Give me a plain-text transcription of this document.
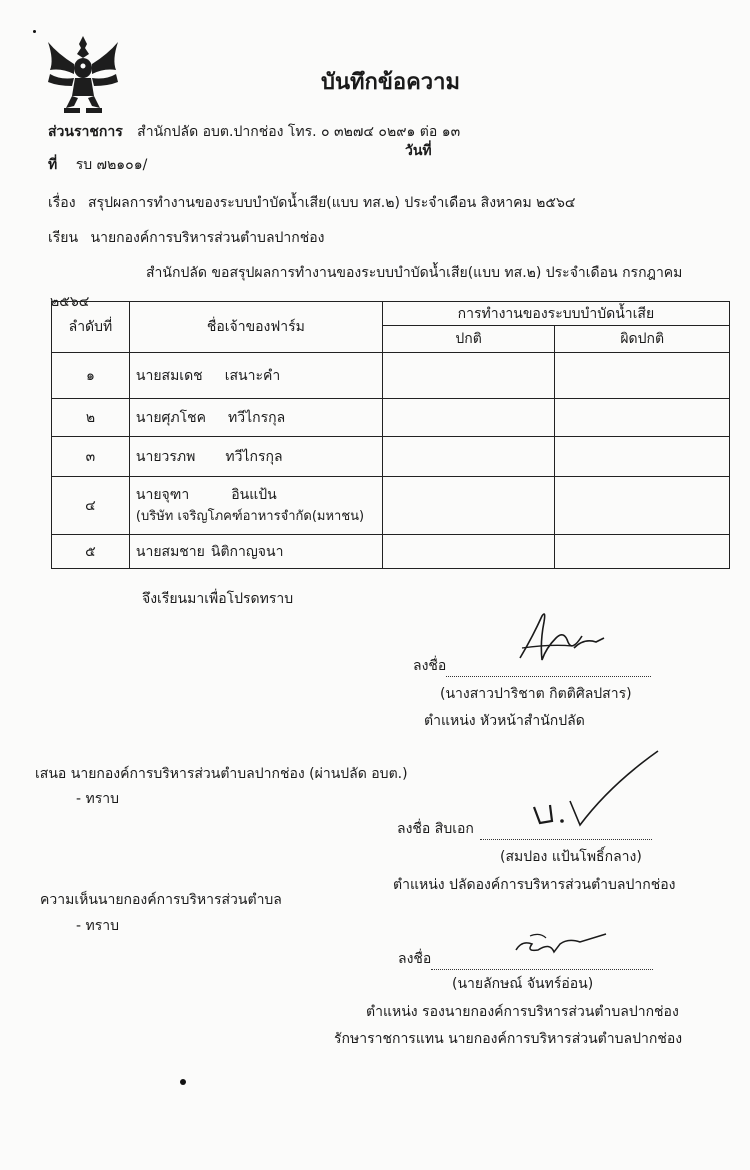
บันทึกข้อความ
ส่วนราชการ สำนักปลัด อบต.ปากช่อง โทร. ๐ ๓๒๗๔ ๐๒๙๑ ต่อ ๑๓
ที่ รบ ๗๒๑๐๑/
วันที่
เรื่อง สรุปผลการทำงานของระบบบำบัดน้ำเสีย(แบบ ทส.๒) ประจำเดือน สิงหาคม ๒๕๖๔
เรียน นายกองค์การบริหารส่วนตำบลปากช่อง
สำนักปลัด ขอสรุปผลการทำงานของระบบบำบัดน้ำเสีย(แบบ ทส.๒) ประจำเดือน กรกฎาคม
๒๕๖๔
ลำดับที่	ชื่อเจ้าของฟาร์ม	การทำงานของระบบบำบัดน้ำเสีย	
		ปกติ	ผิดปกติ
๑	นายสมเดช เสนาะคำ		
๒	นายศุภโชค ทวีไกรกุล		
๓	นายวรภพ ทวีไกรกุล		
๔	นายจุฑา อินแป้น
(บริษัท เจริญโภคฑ์อาหารจำกัด(มหาชน)		
๕	นายสมชาย นิติกาญจนา		
จึงเรียนมาเพื่อโปรดทราบ
ลงชื่อ
(นางสาวปาริชาต กิตติศิลปสาร)
ตำแหน่ง หัวหน้าสำนักปลัด
เสนอ นายกองค์การบริหารส่วนตำบลปากช่อง (ผ่านปลัด อบต.)
- ทราบ
ลงชื่อ สิบเอก
(สมปอง แป้นโพธิ์กลาง)
ตำแหน่ง ปลัดองค์การบริหารส่วนตำบลปากช่อง
ความเห็นนายกองค์การบริหารส่วนตำบล
- ทราบ
ลงชื่อ
(นายลักษณ์ จันทร์อ่อน)
ตำแหน่ง รองนายกองค์การบริหารส่วนตำบลปากช่อง
รักษาราชการแทน นายกองค์การบริหารส่วนตำบลปากช่อง
